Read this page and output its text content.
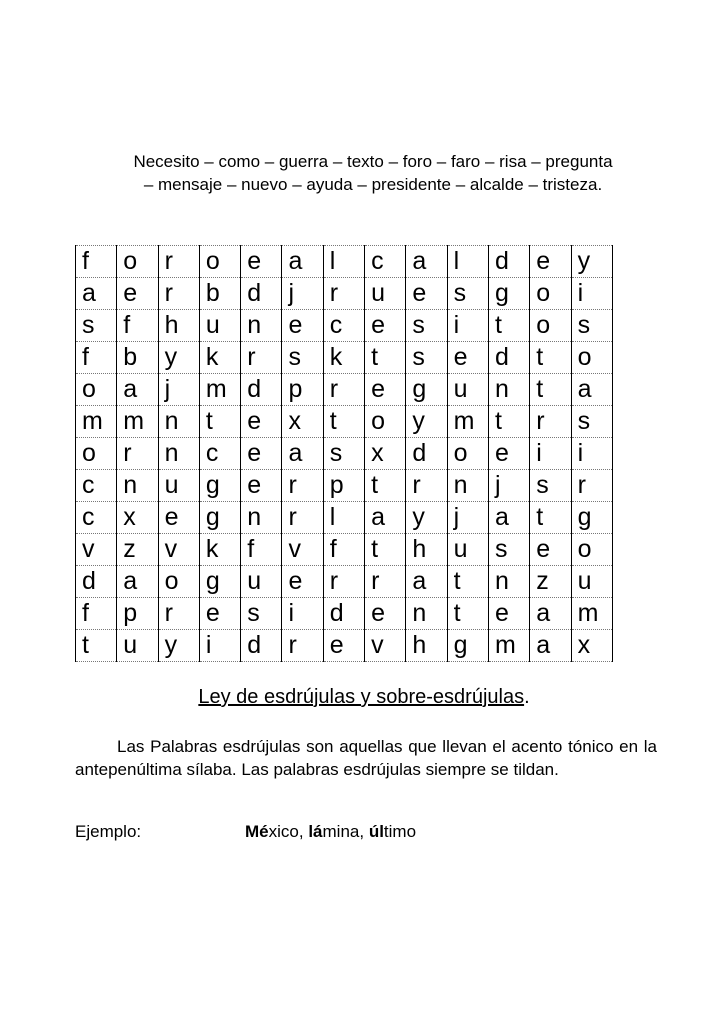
Necesito – como – guerra – texto – foro – faro – risa – pregunta
– mensaje – nuevo – ayuda – presidente – alcalde – tristeza.
f	o	r	o	e	a	l	c	a	l	d	e	y
a	e	r	b	d	j	r	u	e	s	g	o	i
s	f	h	u	n	e	c	e	s	i	t	o	s
f	b	y	k	r	s	k	t	s	e	d	t	o
o	a	j	m	d	p	r	e	g	u	n	t	a
m	m	n	t	e	x	t	o	y	m	t	r	s
o	r	n	c	e	a	s	x	d	o	e	i	i
c	n	u	g	e	r	p	t	r	n	j	s	r
c	x	e	g	n	r	l	a	y	j	a	t	g
v	z	v	k	f	v	f	t	h	u	s	e	o
d	a	o	g	u	e	r	r	a	t	n	z	u
f	p	r	e	s	i	d	e	n	t	e	a	m
t	u	y	i	d	r	e	v	h	g	m	a	x
Ley de esdrújulas y sobre-esdrújulas.

Las Palabras esdrújulas son aquellas que llevan el acento tónico en la antepenúltima sílaba. Las palabras esdrújulas siempre se tildan.

Ejemplo:	México, lámina, último
